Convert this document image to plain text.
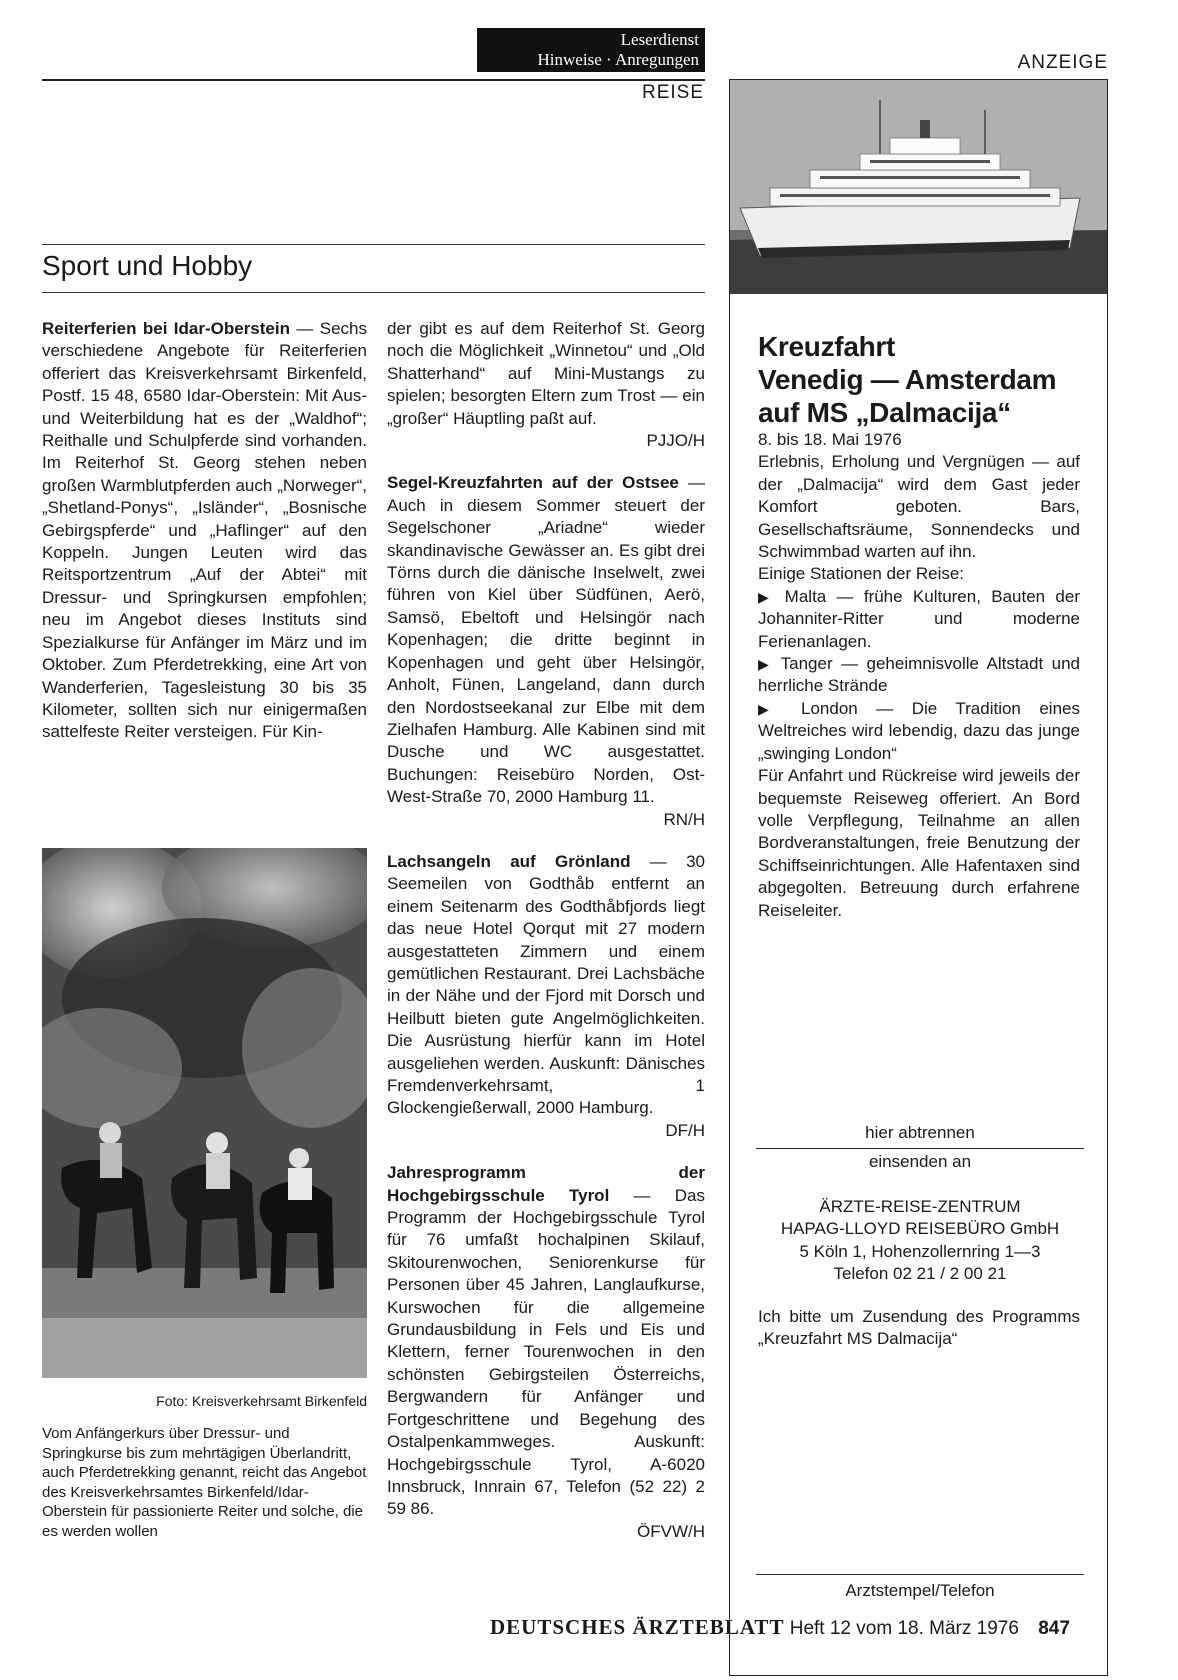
Leserdienst
Hinweise · Anregungen
REISE
ANZEIGE
Sport und Hobby

Reiterferien bei Idar-Oberstein — Sechs verschiedene Angebote für Reiterferien offeriert das Kreisverkehrsamt Birkenfeld, Postf. 15 48, 6580 Idar-Oberstein: Mit Aus- und Weiterbildung hat es der „Waldhof“; Reithalle und Schulpferde sind vorhanden. Im Reiterhof St. Georg stehen neben großen Warmblutpferden auch „Norweger“, „Shetland-Ponys“, „Isländer“, „Bosnische Gebirgspferde“ und „Haflinger“ auf den Koppeln. Jungen Leuten wird das Reitsportzentrum „Auf der Abtei“ mit Dressur- und Springkursen empfohlen; neu im Angebot dieses Instituts sind Spezialkurse für Anfänger im März und im Oktober. Zum Pferdetrekking, eine Art von Wanderferien, Tagesleistung 30 bis 35 Kilometer, sollten sich nur einigermaßen sattelfeste Reiter versteigen. Für Kin-

Foto: Kreisverkehrsamt Birkenfeld
Vom Anfängerkurs über Dressur- und Springkurse bis zum mehrtägigen Überlandritt, auch Pferdetrekking genannt, reicht das Angebot des Kreisverkehrsamtes Birkenfeld/Idar-Oberstein für passionierte Reiter und solche, die es werden wollen

der gibt es auf dem Reiterhof St. Georg noch die Möglichkeit „Winnetou“ und „Old Shatterhand“ auf Mini-Mustangs zu spielen; besorgten Eltern zum Trost — ein „großer“ Häuptling paßt auf.

PJJO/H

Segel-Kreuzfahrten auf der Ostsee — Auch in diesem Sommer steuert der Segelschoner „Ariadne“ wieder skandinavische Gewässer an. Es gibt drei Törns durch die dänische Inselwelt, zwei führen von Kiel über Südfünen, Aerö, Samsö, Ebeltoft und Helsingör nach Kopenhagen; die dritte beginnt in Kopenhagen und geht über Helsingör, Anholt, Fünen, Langeland, dann durch den Nordostseekanal zur Elbe mit dem Zielhafen Hamburg. Alle Kabinen sind mit Dusche und WC ausgestattet. Buchungen: Reisebüro Norden, Ost-West-Straße 70, 2000 Hamburg 11.

RN/H

Lachsangeln auf Grönland — 30 Seemeilen von Godthåb entfernt an einem Seitenarm des Godthåbfjords liegt das neue Hotel Qorqut mit 27 modern ausgestatteten Zimmern und einem gemütlichen Restaurant. Drei Lachsbäche in der Nähe und der Fjord mit Dorsch und Heilbutt bieten gute Angelmöglichkeiten. Die Ausrüstung hierfür kann im Hotel ausgeliehen werden. Auskunft: Dänisches Fremdenverkehrsamt, 1 Glockengießerwall, 2000 Hamburg.

DF/H

Jahresprogramm der Hochgebirgsschule Tyrol — Das Programm der Hochgebirgsschule Tyrol für 76 umfaßt hochalpinen Skilauf, Skitourenwochen, Seniorenkurse für Personen über 45 Jahren, Langlaufkurse, Kurswochen für die allgemeine Grundausbildung in Fels und Eis und Klettern, ferner Tourenwochen in den schönsten Gebirgsteilen Österreichs, Bergwandern für Anfänger und Fortgeschrittene und Begehung des Ostalpenkammweges. Auskunft: Hochgebirgsschule Tyrol, A-6020 Innsbruck, Innrain 67, Telefon (52 22) 2 59 86.

ÖFVW/H

Kreuzfahrt
Venedig — Amsterdam
auf MS „Dalmacija“

8. bis 18. Mai 1976

Erlebnis, Erholung und Vergnügen — auf der „Dalmacija“ wird dem Gast jeder Komfort geboten. Bars, Gesellschaftsräume, Sonnendecks und Schwimmbad warten auf ihn.

Einige Stationen der Reise:

▶ Malta — frühe Kulturen, Bauten der Johanniter-Ritter und moderne Ferienanlagen.

▶ Tanger — geheimnisvolle Altstadt und herrliche Strände

▶ London — Die Tradition eines Weltreiches wird lebendig, dazu das junge „swinging London“

Für Anfahrt und Rückreise wird jeweils der bequemste Reiseweg offeriert. An Bord volle Verpflegung, Teilnahme an allen Bordveranstaltungen, freie Benutzung der Schiffseinrichtungen. Alle Hafentaxen sind abgegolten. Betreuung durch erfahrene Reiseleiter.

hier abtrennen
einsenden an
ÄRZTE-REISE-ZENTRUM
HAPAG-LLOYD REISEBÜRO GmbH
5 Köln 1, Hohenzollernring 1—3
Telefon 02 21 / 2 00 21
Ich bitte um Zusendung des Programms „Kreuzfahrt MS Dalmacija“
Arztstempel/Telefon
DEUTSCHES ÄRZTEBLATT Heft 12 vom 18. März 1976 847
